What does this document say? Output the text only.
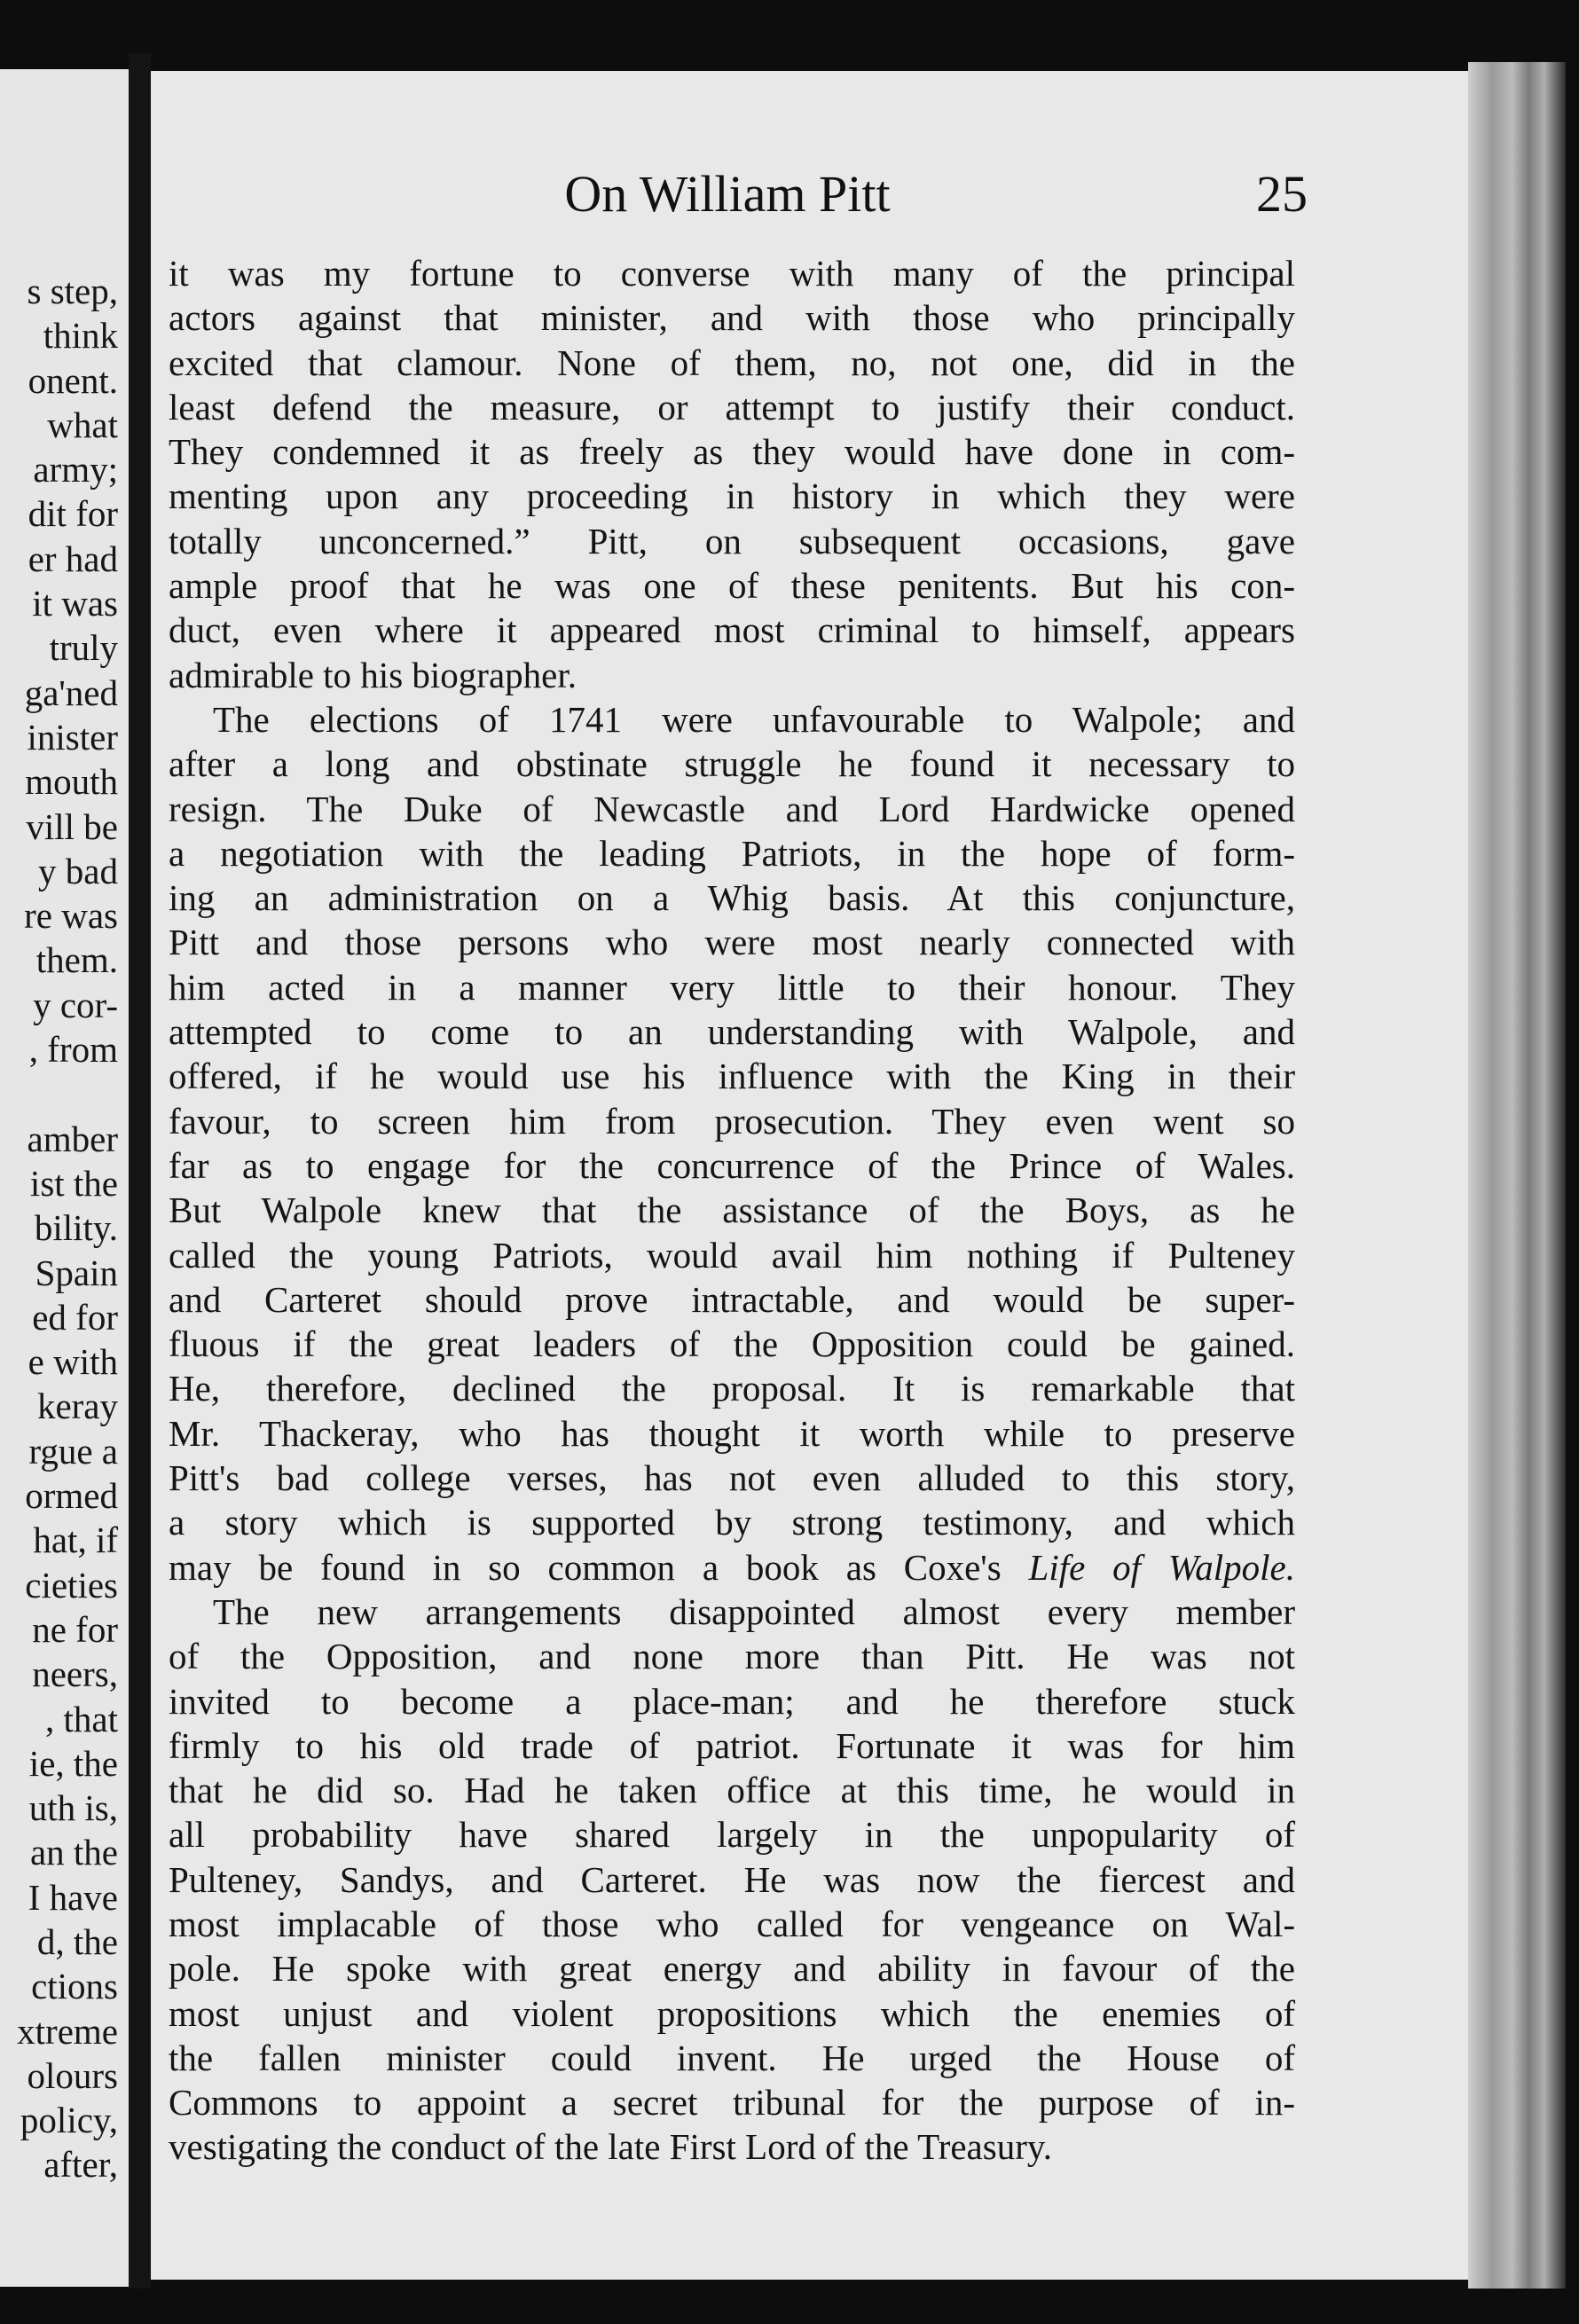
s step,
think
onent.
what
army;
dit for
er had
it was
truly
ga'ned
inister
mouth
vill be
y bad
re was
them.
y cor-
, from

amber
ist the
bility.
Spain
ed for
e with
keray
rgue a
ormed
hat, if
cieties
ne for
neers,
, that
ie, the
uth is,
an the
I have
d, the
ctions
xtreme
olours
policy,
after,
On William Pitt	25
it was my fortune to converse with many of the principal
actors against that minister, and with those who principally
excited that clamour. None of them, no, not one, did in the
least defend the measure, or attempt to justify their conduct.
They condemned it as freely as they would have done in com-
menting upon any proceeding in history in which they were
totally unconcerned.” Pitt, on subsequent occasions, gave
ample proof that he was one of these penitents. But his con-
duct, even where it appeared most criminal to himself, appears
admirable to his biographer.
The elections of 1741 were unfavourable to Walpole; and
after a long and obstinate struggle he found it necessary to
resign. The Duke of Newcastle and Lord Hardwicke opened
a negotiation with the leading Patriots, in the hope of form-
ing an administration on a Whig basis. At this conjuncture,
Pitt and those persons who were most nearly connected with
him acted in a manner very little to their honour. They
attempted to come to an understanding with Walpole, and
offered, if he would use his influence with the King in their
favour, to screen him from prosecution. They even went so
far as to engage for the concurrence of the Prince of Wales.
But Walpole knew that the assistance of the Boys, as he
called the young Patriots, would avail him nothing if Pulteney
and Carteret should prove intractable, and would be super-
fluous if the great leaders of the Opposition could be gained.
He, therefore, declined the proposal. It is remarkable that
Mr. Thackeray, who has thought it worth while to preserve
Pitt's bad college verses, has not even alluded to this story,
a story which is supported by strong testimony, and which
may be found in so common a book as Coxe's Life of Walpole.
The new arrangements disappointed almost every member
of the Opposition, and none more than Pitt. He was not
invited to become a place-man; and he therefore stuck
firmly to his old trade of patriot. Fortunate it was for him
that he did so. Had he taken office at this time, he would in
all probability have shared largely in the unpopularity of
Pulteney, Sandys, and Carteret. He was now the fiercest and
most implacable of those who called for vengeance on Wal-
pole. He spoke with great energy and ability in favour of the
most unjust and violent propositions which the enemies of
the fallen minister could invent. He urged the House of
Commons to appoint a secret tribunal for the purpose of in-
vestigating the conduct of the late First Lord of the Treasury.
